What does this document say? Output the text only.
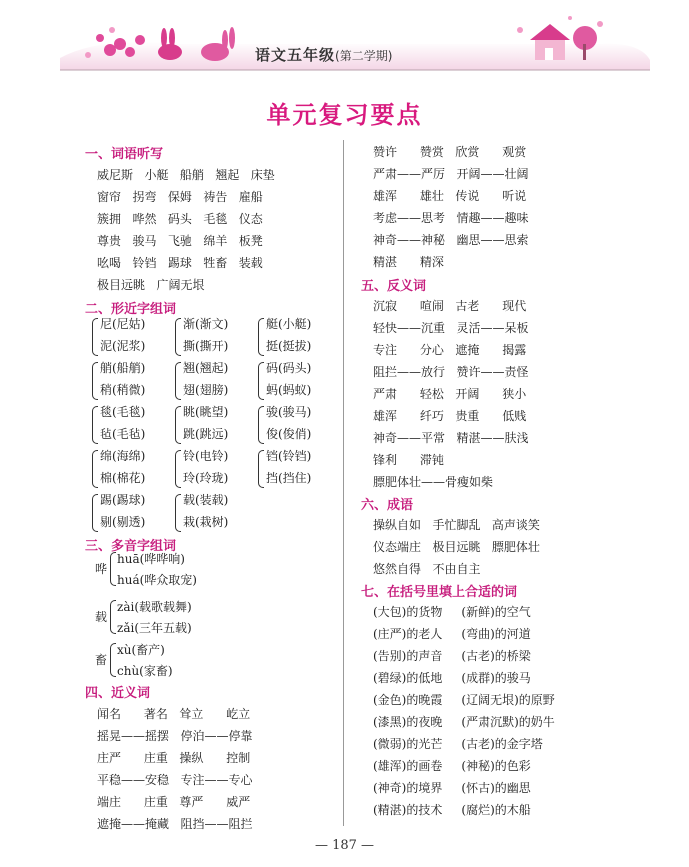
语文五年级(第二学期)
单元复习要点
一、词语听写
威尼斯   小艇   船艄   翘起   床垫
窗帘   拐弯   保姆   祷告   雇船
簇拥   哗然   码头   毛毯   仪态
尊贵   骏马   飞驰   绵羊   板凳
吆喝   铃铛   踢球   牲畜   装载
极目远眺   广阔无垠
二、形近字组词
尼(尼姑)
泥(泥浆)
渐(渐文)
撕(撕开)
艇(小艇)
挺(挺拔)
艄(船艄)
稍(稍微)
翘(翘起)
翅(翅膀)
码(码头)
蚂(蚂蚁)
毯(毛毯)
毡(毛毡)
眺(眺望)
跳(跳远)
骏(骏马)
俊(俊俏)
绵(海绵)
棉(棉花)
铃(电铃)
玲(玲珑)
铛(铃铛)
挡(挡住)
踢(踢球)
剔(剔透)
载(装载)
栽(栽树)
三、多音字组词
哗
huā(哗哗响)
huá(哗众取宠)
载
zài(载歌载舞)
zǎi(三年五载)
畜
xù(畜产)
chù(家畜)
四、近义词
闻名      著名   耸立      屹立
摇晃——摇摆   停泊——停靠
庄严      庄重   操纵      控制
平稳——安稳   专注——专心
端庄      庄重   尊严      威严
遮掩——掩藏   阻挡——阻拦
赞许      赞赏   欣赏      观赏
严肃——严厉   开阔——壮阔
雄浑      雄壮   传说      听说
考虑——思考   情趣——趣味
神奇——神秘   幽思——思索
精湛      精深
五、反义词
沉寂      喧闹   古老      现代
轻快——沉重   灵活——呆板
专注      分心   遮掩      揭露
阻拦——放行   赞许——责怪
严肃      轻松   开阔      狭小
雄浑      纤巧   贵重      低贱
神奇——平常   精湛——肤浅
锋利      滞钝
膘肥体壮——骨瘦如柴
六、成语
操纵自如   手忙脚乱   高声谈笑
仪态端庄   极目远眺   膘肥体壮
悠然自得   不由自主
七、在括号里填上合适的词
(大包)的货物     (新鲜)的空气
(庄严)的老人     (弯曲)的河道
(告别)的声音     (古老)的桥梁
(碧绿)的低地     (成群)的骏马
(金色)的晚霞     (辽阔无垠)的原野
(漆黑)的夜晚     (严肃沉默)的奶牛
(微弱)的光芒     (古老)的金字塔
(雄浑)的画卷     (神秘)的色彩
(神奇)的境界     (怀古)的幽思
(精湛)的技术     (腐烂)的木船
— 187 —
